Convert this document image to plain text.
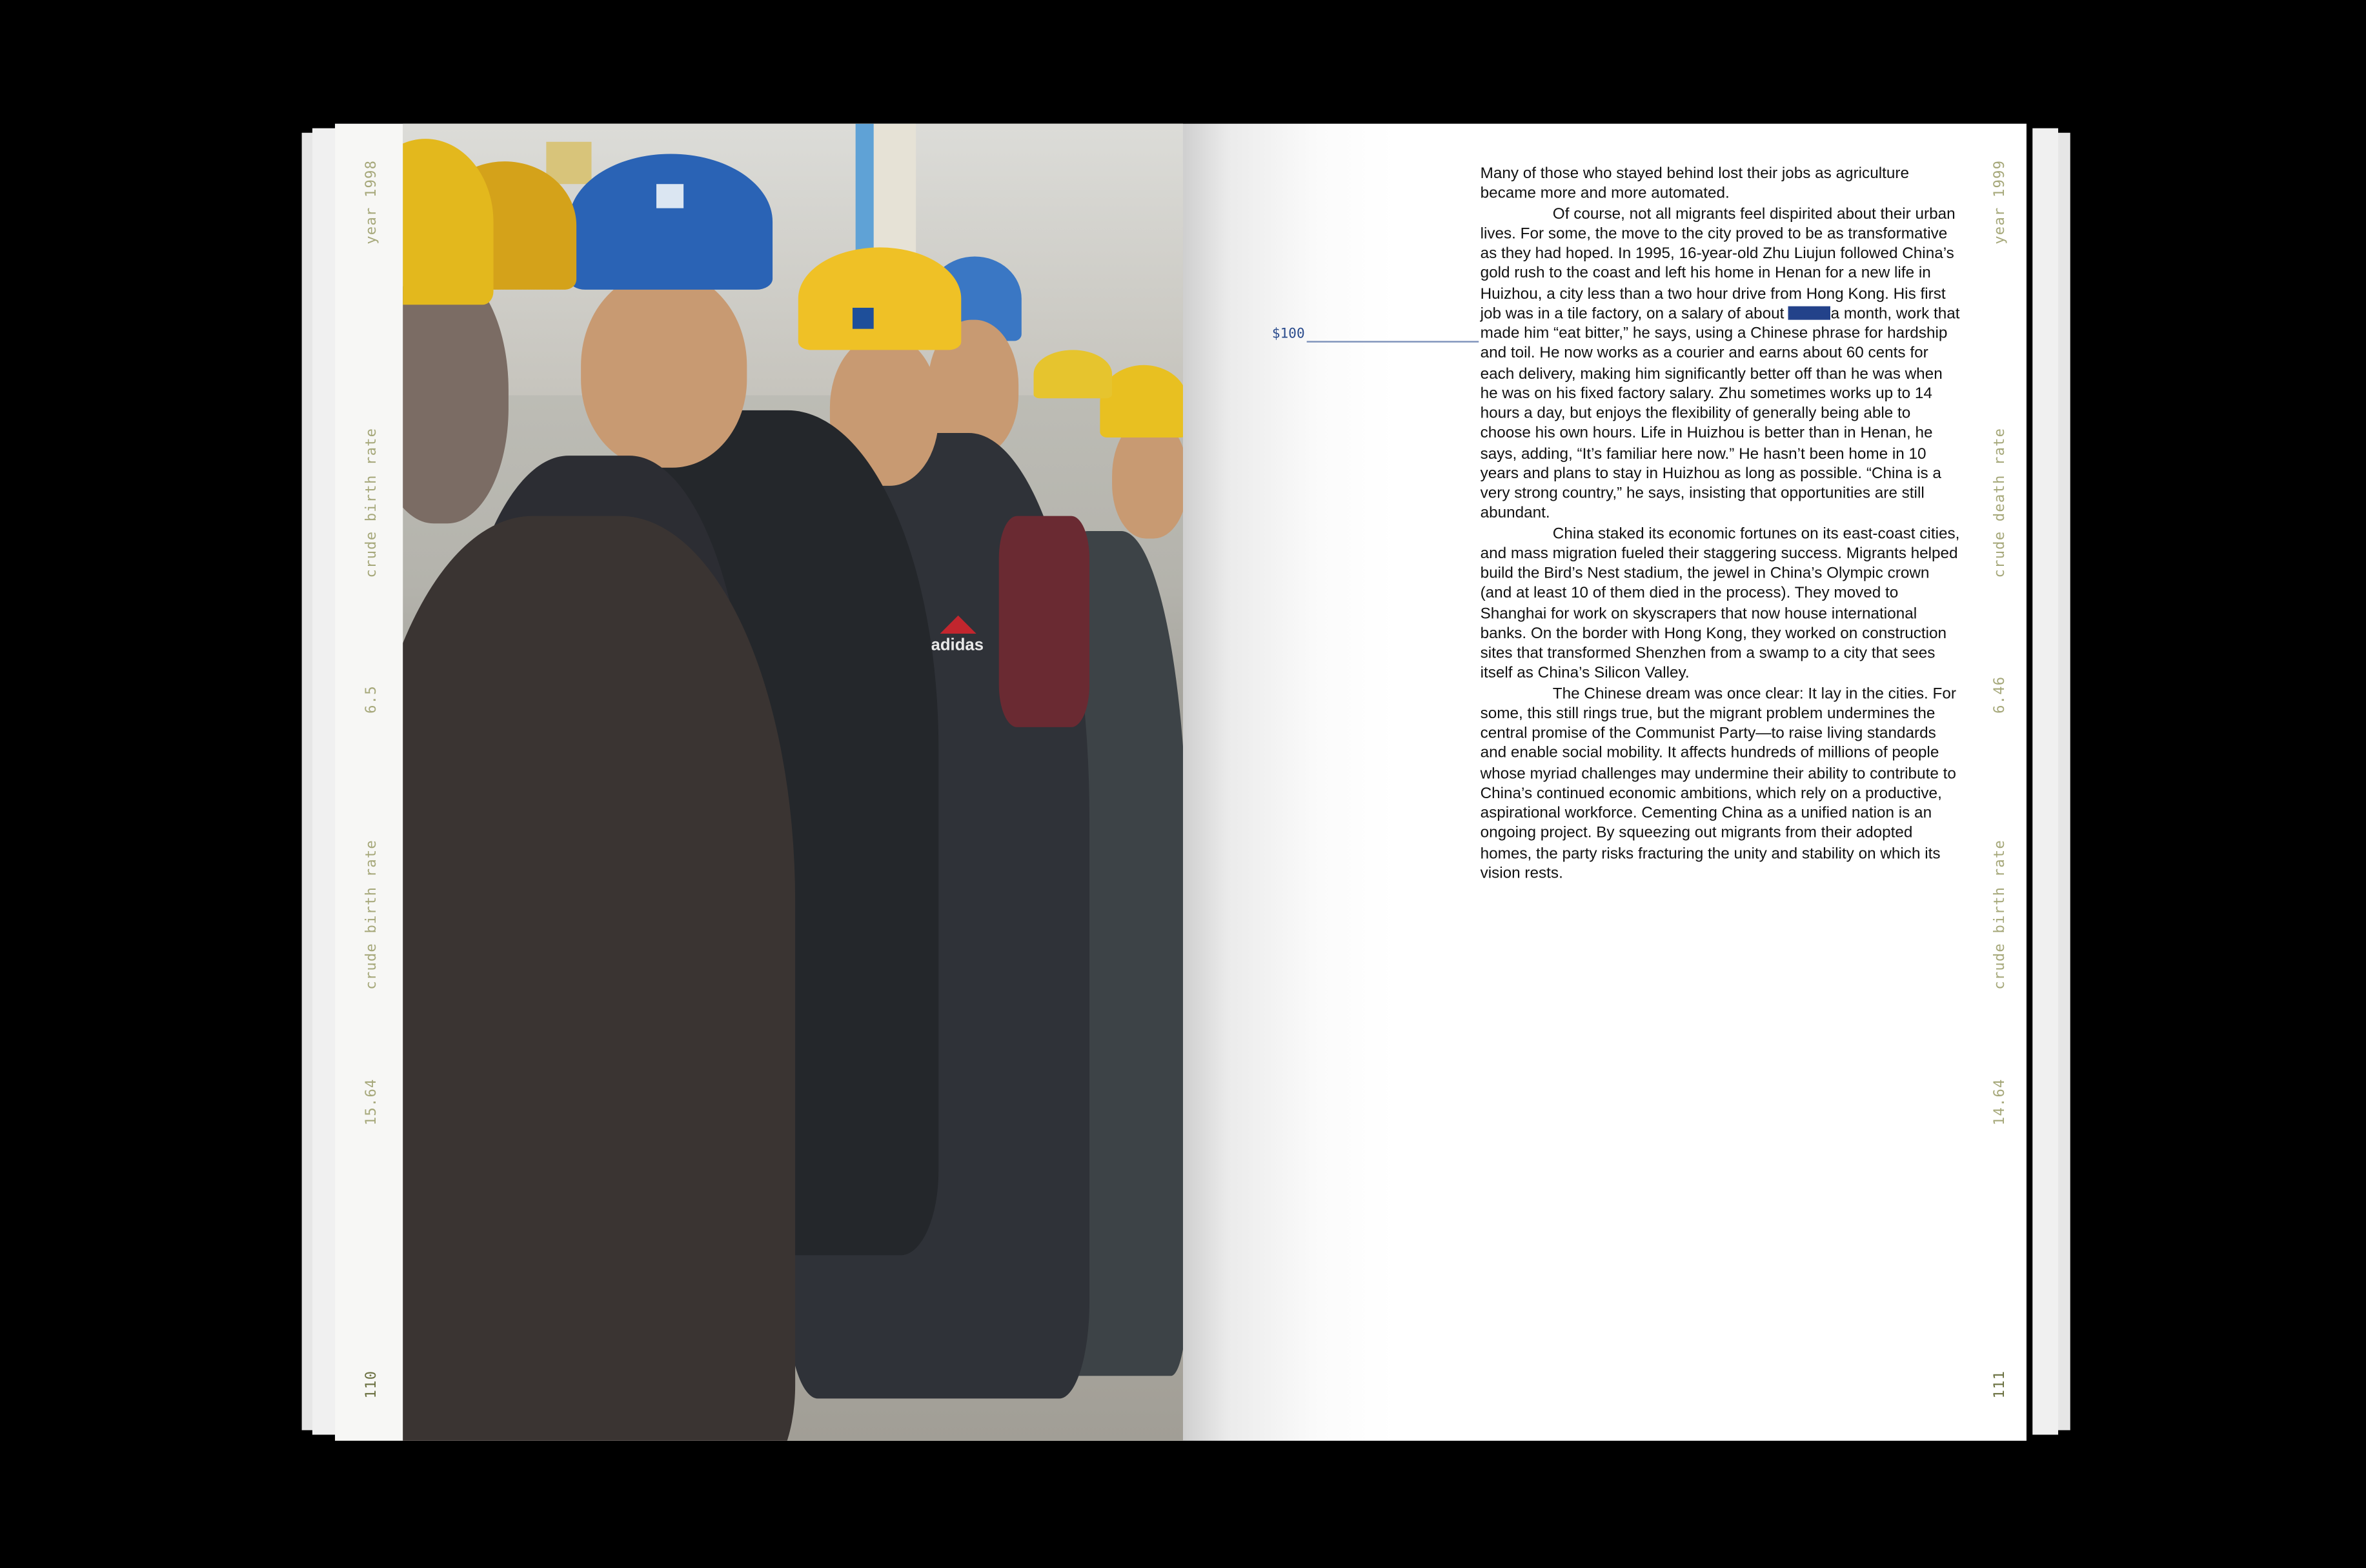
year 1998
crude birth rate
6.5
crude birth rate
15.64
110
adidas
$100

Many of those who stayed behind lost their jobs as agriculture became more and more automated.

Of course, not all migrants feel dispirited about their urban lives. For some, the move to the city proved to be as transformative as they had hoped. In 1995, 16-year-old Zhu Liujun followed China’s gold rush to the coast and left his home in Henan for a new life in Huizhou, a city less than a two hour drive from Hong Kong. His first job was in a tile factory, on a salary of about	a month, work that made him “eat bitter,” he says, using a Chinese phrase for hardship and toil. He now works as a courier and earns about 60 cents for each delivery, making him significantly better off than he was when he was on his fixed factory salary. Zhu sometimes works up to 14 hours a day, but enjoys the flexibility of generally being able to choose his own hours. Life in Huizhou is better than in Henan, he says, adding, “It’s familiar here now.” He hasn’t been home in 10 years and plans to stay in Huizhou as long as possible. “China is a very strong country,” he says, insisting that opportunities are still abundant.

China staked its economic fortunes on its east-coast cities, and mass migration fueled their staggering success. Migrants helped build the Bird’s Nest stadium, the jewel in China’s Olympic crown (and at least 10 of them died in the process). They moved to Shanghai for work on skyscrapers that now house international banks. On the border with Hong Kong, they worked on construction sites that transformed Shenzhen from a swamp to a city that sees itself as China’s Silicon Valley.

The Chinese dream was once clear: It lay in the cities. For some, this still rings true, but the migrant problem undermines the central promise of the Communist Party—to raise living standards and enable social mobility. It affects hundreds of millions of people whose myriad challenges may undermine their ability to contribute to China’s continued economic ambitions, which rely on a productive, aspirational workforce. Cementing China as a unified nation is an ongoing project. By squeezing out migrants from their adopted homes, the party risks fracturing the unity and stability on which its vision rests.

year 1999
crude death rate
6.46
crude birth rate
14.64
111
